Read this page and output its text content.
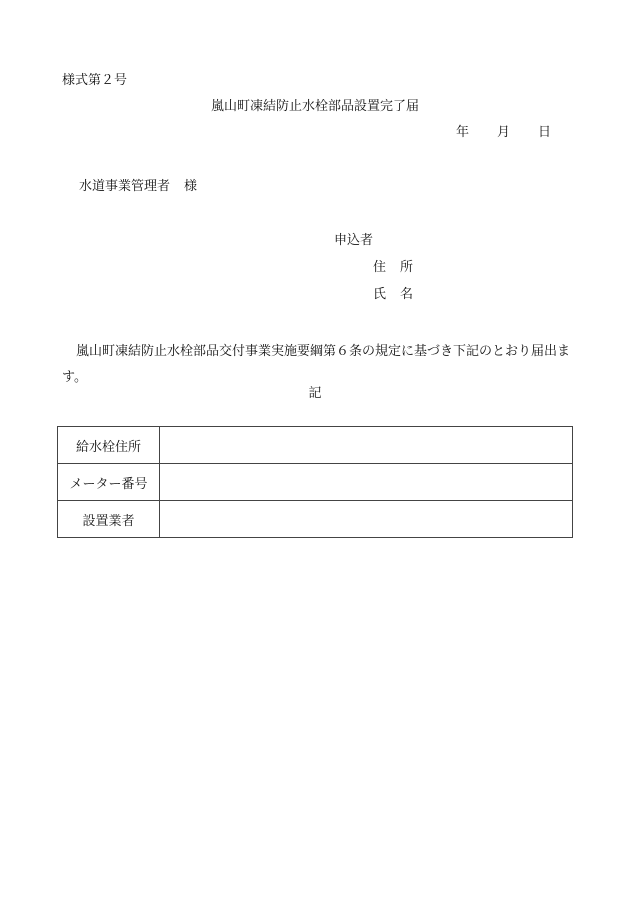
様式第２号
嵐山町凍結防止水栓部品設置完了届
年 月 日
水道事業管理者 様
申込者
住 所
氏 名
嵐山町凍結防止水栓部品交付事業実施要綱第６条の規定に基づき下記のとおり届出ます。
記
給水栓住所	
メーター番号	
設置業者	
